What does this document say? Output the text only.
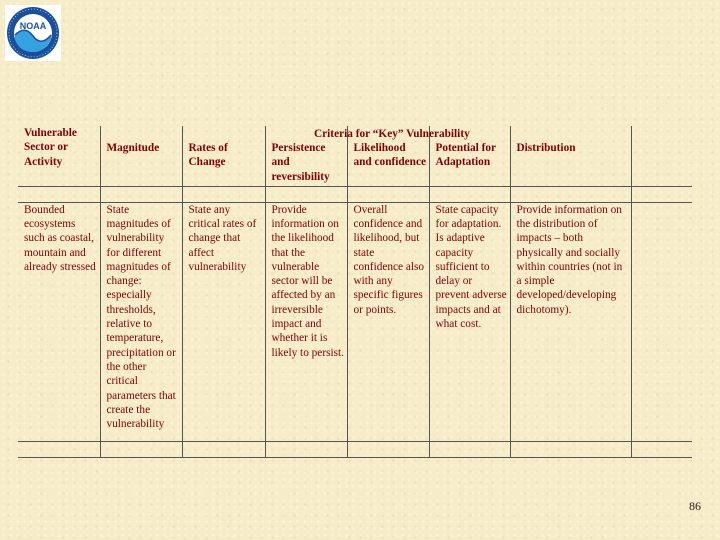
NOAA
Vulnerable Sector or Activity	Magnitude	Rates of Change	Persistence and reversibility	Likelihood and confidence	Potential for Adaptation	Distribution	

Bounded ecosystems such as coastal, mountain and already stressed	State magnitudes of vulnerability for different magnitudes of change: especially thresholds, relative to temperature, precipitation or the other critical parameters that create the vulnerability	State any critical rates of change that affect vulnerability	Provide information on the likelihood that the vulnerable sector will be affected by an irreversible impact and whether it is likely to persist.	Overall confidence and likelihood, but state confidence also with any specific figures or points.	State capacity for adaptation. Is adaptive capacity sufficient to delay or prevent adverse impacts and at what cost.	Provide information on the distribution of impacts – both physically and socially within countries (not in a simple developed/developing dichotomy).	

Criteria for “Key” Vulnerability
86
